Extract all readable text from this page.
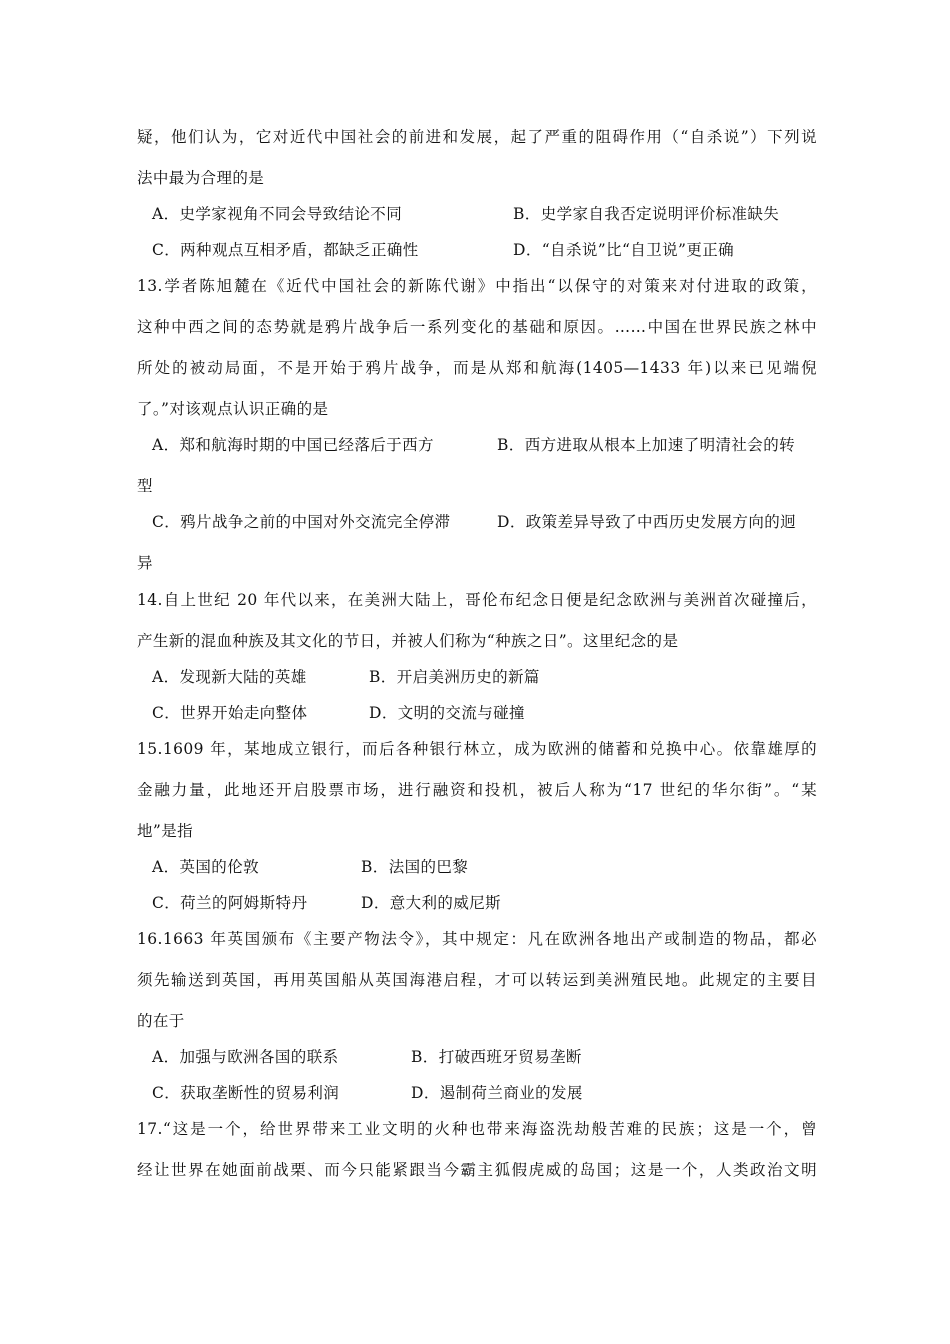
疑，他们认为，它对近代中国社会的前进和发展，起了严重的阻碍作用（“自杀说”）下列说
法中最为合理的是
A．史学家视角不同会导致结论不同	B．史学家自我否定说明评价标准缺失
C．两种观点互相矛盾，都缺乏正确性	D．“自杀说”比“自卫说”更正确
13.学者陈旭麓在《近代中国社会的新陈代谢》中指出“以保守的对策来对付进取的政策，
这种中西之间的态势就是鸦片战争后一系列变化的基础和原因。……中国在世界民族之林中
所处的被动局面，不是开始于鸦片战争，而是从郑和航海(1405—1433 年)以来已见端倪
了。”对该观点认识正确的是
A．郑和航海时期的中国已经落后于西方	B．西方进取从根本上加速了明清社会的转
型
C．鸦片战争之前的中国对外交流完全停滞	D．政策差异导致了中西历史发展方向的迥
异
14.自上世纪 20 年代以来，在美洲大陆上，哥伦布纪念日便是纪念欧洲与美洲首次碰撞后，
产生新的混血种族及其文化的节日，并被人们称为“种族之日”。这里纪念的是
A．发现新大陆的英雄	B．开启美洲历史的新篇
C．世界开始走向整体	D．文明的交流与碰撞
15.1609 年，某地成立银行，而后各种银行林立，成为欧洲的储蓄和兑换中心。依靠雄厚的
金融力量，此地还开启股票市场，进行融资和投机，被后人称为“17 世纪的华尔街”。“某
地”是指
A．英国的伦敦	B．法国的巴黎
C．荷兰的阿姆斯特丹	D．意大利的威尼斯
16.1663 年英国颁布《主要产物法令》，其中规定：凡在欧洲各地出产或制造的物品，都必
须先输送到英国，再用英国船从英国海港启程，才可以转运到美洲殖民地。此规定的主要目
的在于
A．加强与欧洲各国的联系	B．打破西班牙贸易垄断
C．获取垄断性的贸易利润	D．遏制荷兰商业的发展
17.“这是一个，给世界带来工业文明的火种也带来海盗洗劫般苦难的民族；这是一个，曾
经让世界在她面前战栗、而今只能紧跟当今霸主狐假虎威的岛国；这是一个，人类政治文明
